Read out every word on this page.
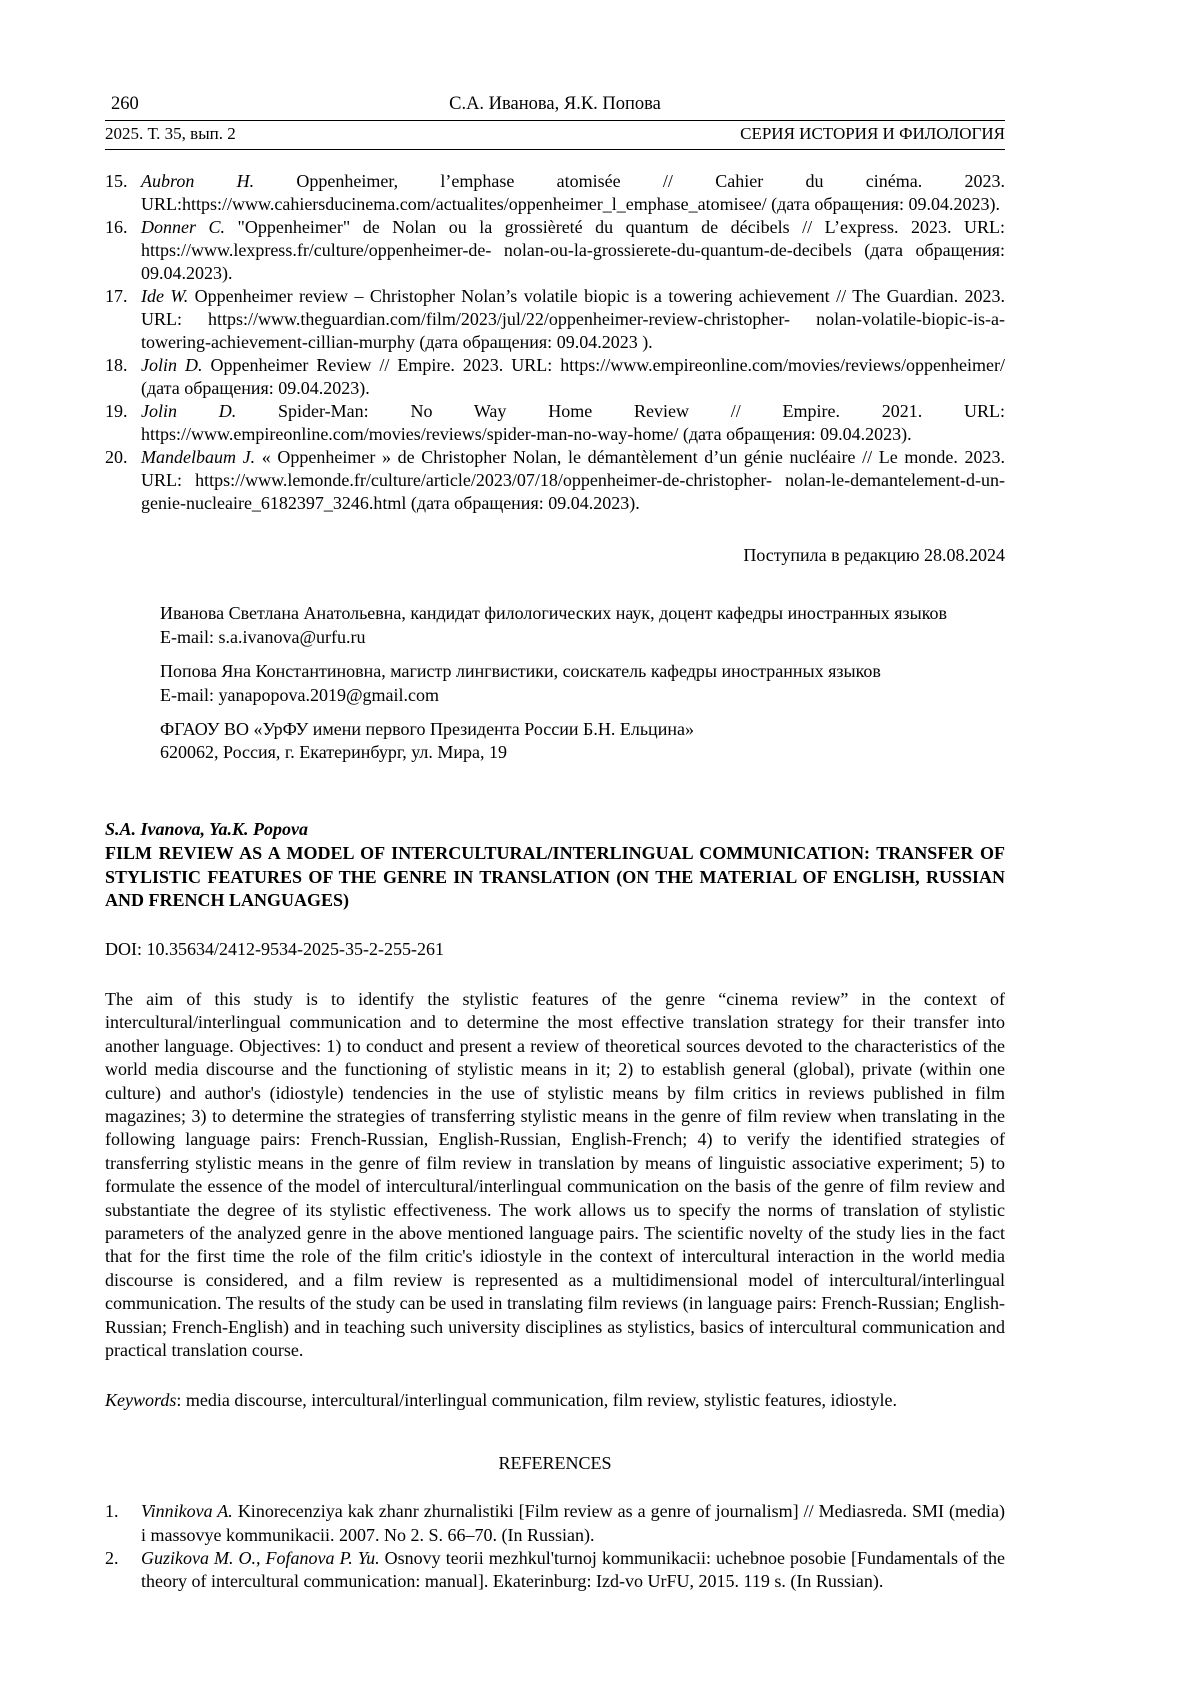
260	С.А. Иванова, Я.К. Попова
2025. Т. 35, вып. 2	СЕРИЯ ИСТОРИЯ И ФИЛОЛОГИЯ

15. Aubron H. Oppenheimer, l’emphase atomisée // Cahier du cinéma. 2023. URL:https://www.cahiersducinema.com/actualites/oppenheimer_l_emphase_atomisee/ (дата обращения: 09.04.2023).

16. Donner C. "Oppenheimer" de Nolan ou la grossièreté du quantum de décibels // L’express. 2023. URL: https://www.lexpress.fr/culture/oppenheimer-de- nolan-ou-la-grossierete-du-quantum-de-decibels (дата обращения: 09.04.2023).

17. Ide W. Oppenheimer review – Christopher Nolan’s volatile biopic is a towering achievement // The Guardian. 2023. URL: https://www.theguardian.com/film/2023/jul/22/oppenheimer-review-christopher- nolan-volatile-biopic-is-a-towering-achievement-cillian-murphy (дата обращения: 09.04.2023 ).

18. Jolin D. Oppenheimer Review // Empire. 2023. URL: https://www.empireonline.com/movies/reviews/oppenheimer/ (дата обращения: 09.04.2023).

19. Jolin D. Spider-Man: No Way Home Review // Empire. 2021. URL: https://www.empireonline.com/movies/reviews/spider-man-no-way-home/ (дата обращения: 09.04.2023).

20. Mandelbaum J. « Oppenheimer » de Christopher Nolan, le démantèlement d’un génie nucléaire // Le monde. 2023. URL: https://www.lemonde.fr/culture/article/2023/07/18/oppenheimer-de-christopher- nolan-le-demantelement-d-un-genie-nucleaire_6182397_3246.html (дата обращения: 09.04.2023).

Поступила в редакцию 28.08.2024

Иванова Светлана Анатольевна, кандидат филологических наук, доцент кафедры иностранных языков
E-mail: s.a.ivanova@urfu.ru

Попова Яна Константиновна, магистр лингвистики, соискатель кафедры иностранных языков
E-mail: yanapopova.2019@gmail.com

ФГАОУ ВО «УрФУ имени первого Президента России Б.Н. Ельцина»
620062, Россия, г. Екатеринбург, ул. Мира, 19

S.A. Ivanova, Ya.K. Popova

FILM REVIEW AS A MODEL OF INTERCULTURAL/INTERLINGUAL COMMUNICATION: TRANSFER OF STYLISTIC FEATURES OF THE GENRE IN TRANSLATION (ON THE MATERIAL OF ENGLISH, RUSSIAN AND FRENCH LANGUAGES)

DOI: 10.35634/2412-9534-2025-35-2-255-261

The aim of this study is to identify the stylistic features of the genre “cinema review” in the context of intercultural/interlingual communication and to determine the most effective translation strategy for their transfer into another language. Objectives: 1) to conduct and present a review of theoretical sources devoted to the characteristics of the world media discourse and the functioning of stylistic means in it; 2) to establish general (global), private (within one culture) and author's (idiostyle) tendencies in the use of stylistic means by film critics in reviews published in film magazines; 3) to determine the strategies of transferring stylistic means in the genre of film review when translating in the following language pairs: French-Russian, English-Russian, English-French; 4) to verify the identified strategies of transferring stylistic means in the genre of film review in translation by means of linguistic associative experiment; 5) to formulate the essence of the model of intercultural/interlingual communication on the basis of the genre of film review and substantiate the degree of its stylistic effectiveness. The work allows us to specify the norms of translation of stylistic parameters of the analyzed genre in the above mentioned language pairs. The scientific novelty of the study lies in the fact that for the first time the role of the film critic's idiostyle in the context of intercultural interaction in the world media discourse is considered, and a film review is represented as a multidimensional model of intercultural/interlingual communication. The results of the study can be used in translating film reviews (in language pairs: French-Russian; English-Russian; French-English) and in teaching such university disciplines as stylistics, basics of intercultural communication and practical translation course.

Keywords: media discourse, intercultural/interlingual communication, film review, stylistic features, idiostyle.

REFERENCES

1. Vinnikova A. Kinorecenziya kak zhanr zhurnalistiki [Film review as a genre of journalism] // Mediasreda. SMI (media) i massovye kommunikacii. 2007. No 2. S. 66–70. (In Russian).

2. Guzikova M. O., Fofanova P. Yu. Osnovy teorii mezhkul'turnoj kommunikacii: uchebnoe posobie [Fundamentals of the theory of intercultural communication: manual]. Ekaterinburg: Izd-vo UrFU, 2015. 119 s. (In Russian).
